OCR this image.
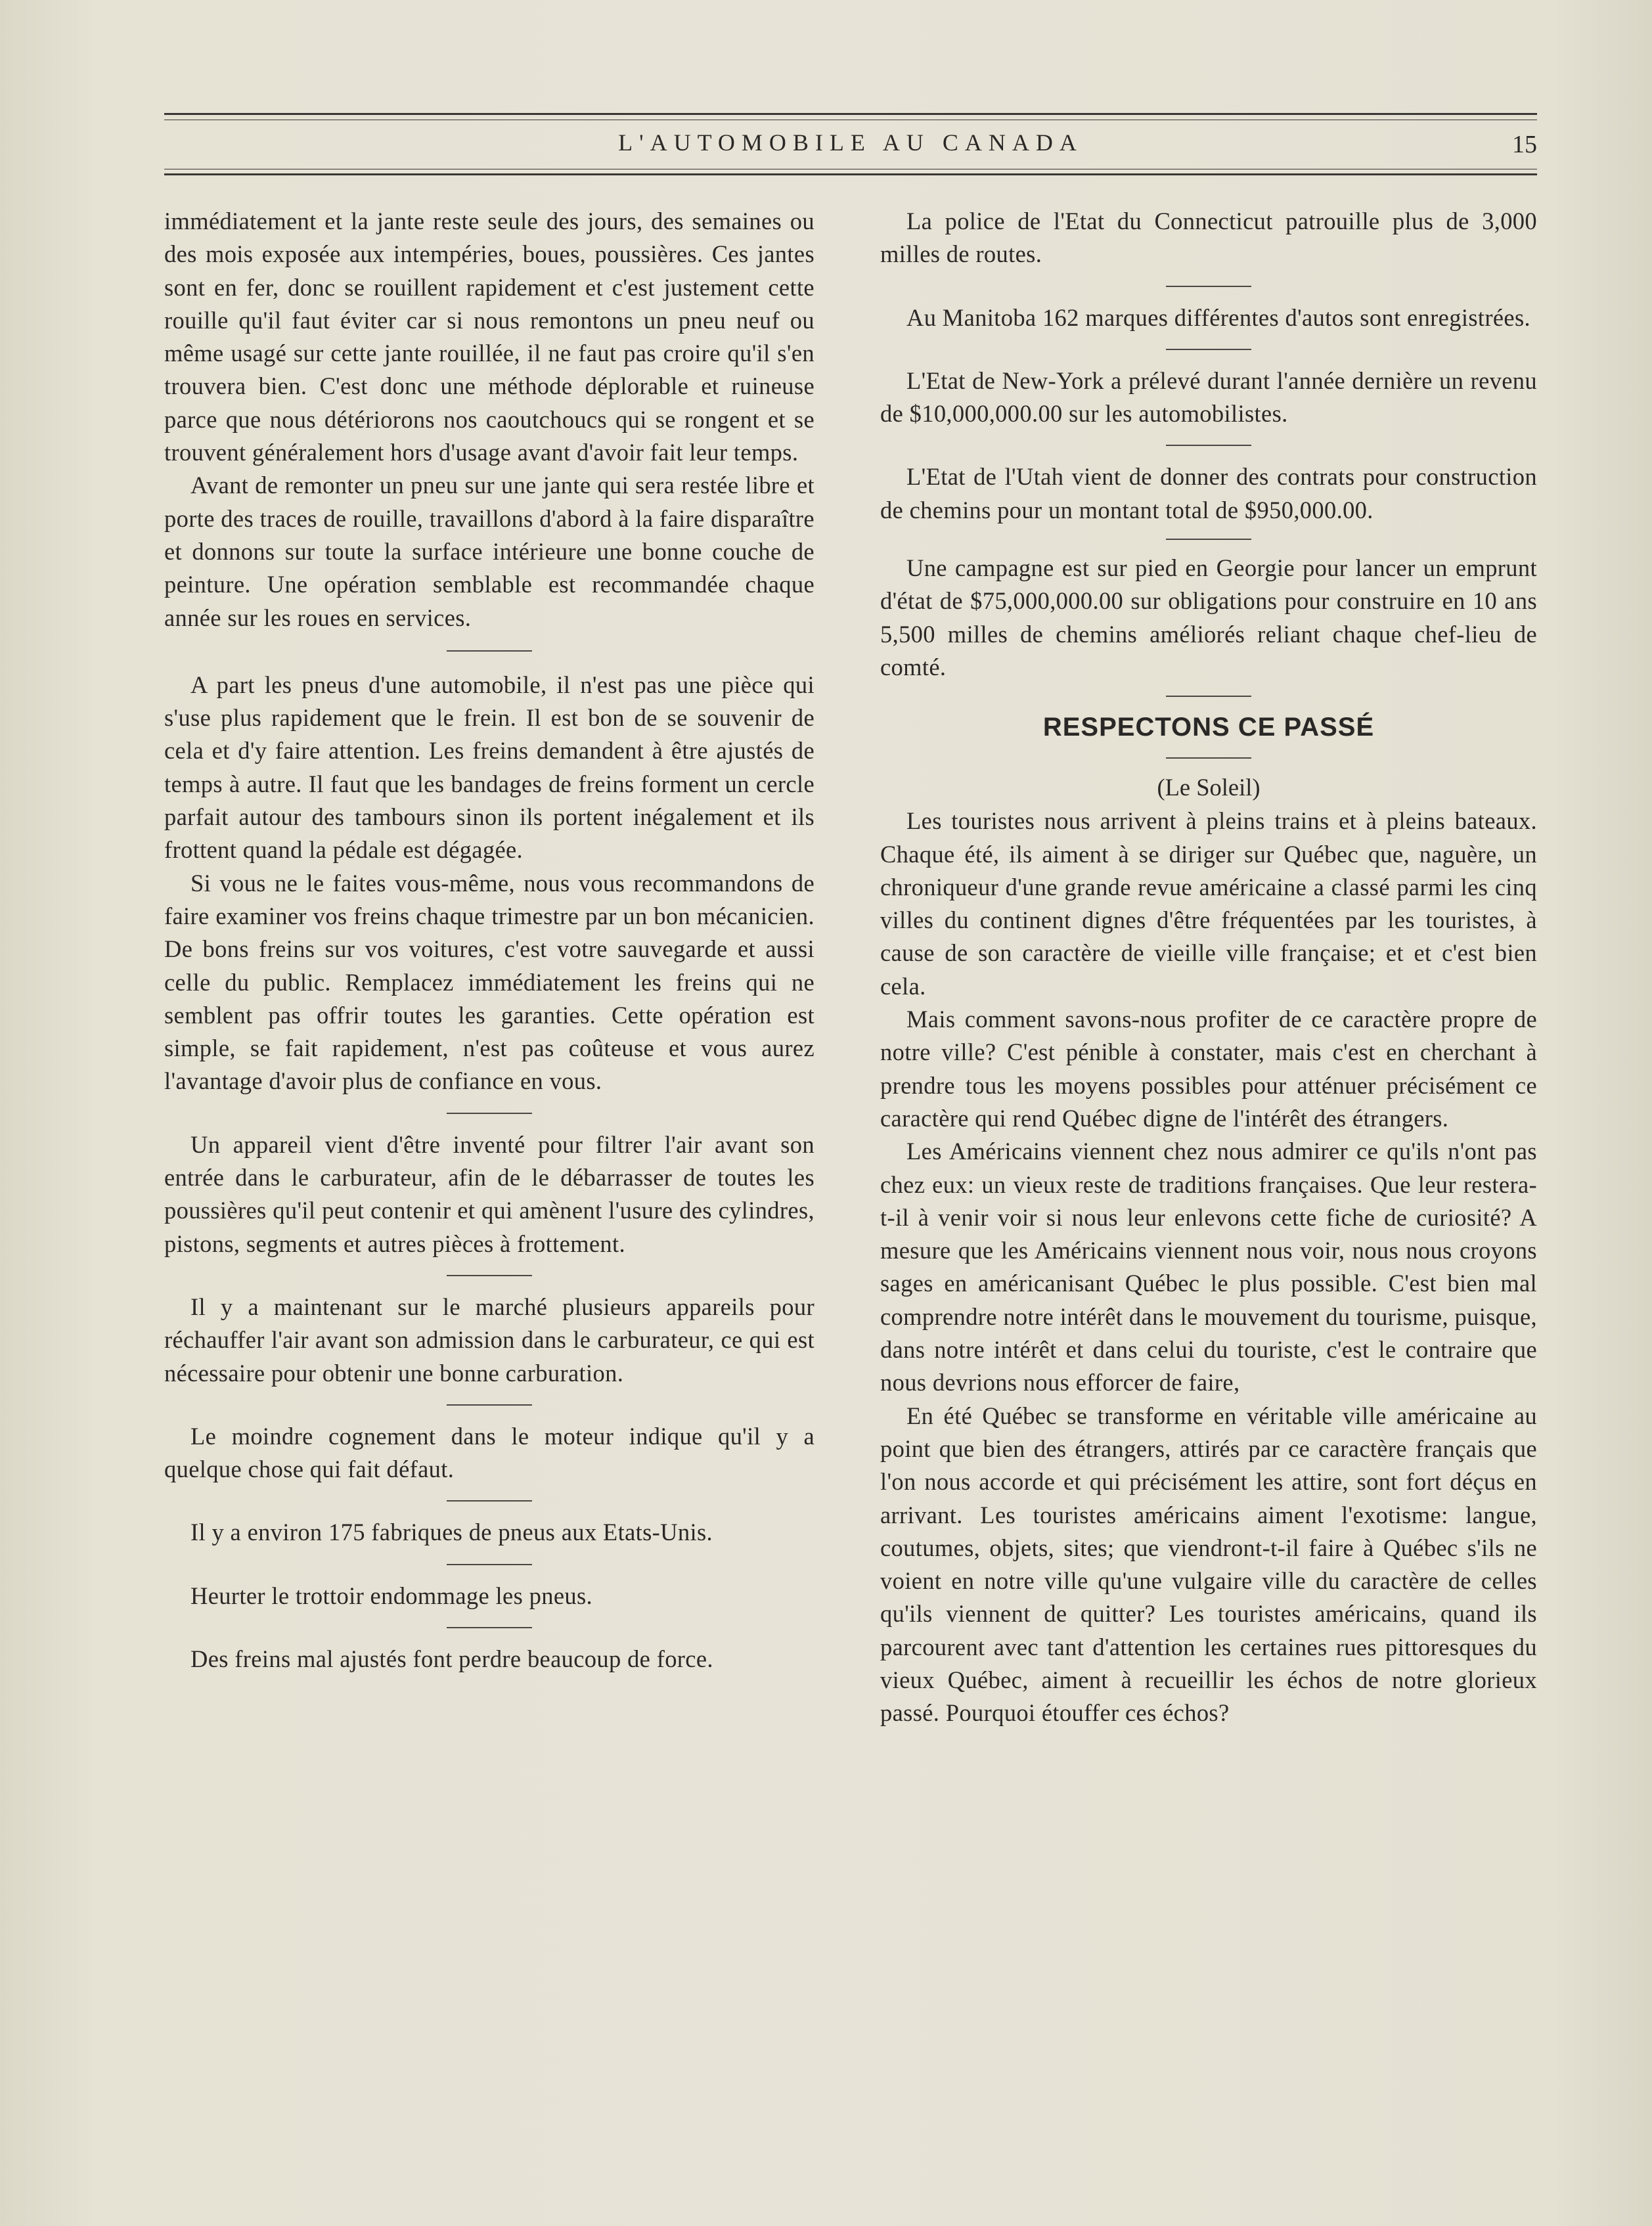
L'AUTOMOBILE AU CANADA	15

immédiatement et la jante reste seule des jours, des semaines ou des mois exposée aux intempéries, boues, poussières. Ces jantes sont en fer, donc se rouillent rapidement et c'est justement cette rouille qu'il faut éviter car si nous remontons un pneu neuf ou même usagé sur cette jante rouillée, il ne faut pas croire qu'il s'en trouvera bien. C'est donc une méthode déplorable et ruineuse parce que nous détériorons nos caoutchoucs qui se rongent et se trouvent généralement hors d'usage avant d'avoir fait leur temps.

Avant de remonter un pneu sur une jante qui sera restée libre et porte des traces de rouille, travaillons d'abord à la faire disparaître et donnons sur toute la surface intérieure une bonne couche de peinture. Une opération semblable est recommandée chaque année sur les roues en services.

A part les pneus d'une automobile, il n'est pas une pièce qui s'use plus rapidement que le frein. Il est bon de se souvenir de cela et d'y faire attention. Les freins demandent à être ajustés de temps à autre. Il faut que les bandages de freins forment un cercle parfait autour des tambours sinon ils portent inégalement et ils frottent quand la pédale est dégagée.

Si vous ne le faites vous-même, nous vous recommandons de faire examiner vos freins chaque trimestre par un bon mécanicien. De bons freins sur vos voitures, c'est votre sauvegarde et aussi celle du public. Remplacez immédiatement les freins qui ne semblent pas offrir toutes les garanties. Cette opération est simple, se fait rapidement, n'est pas coûteuse et vous aurez l'avantage d'avoir plus de confiance en vous.

Un appareil vient d'être inventé pour filtrer l'air avant son entrée dans le carburateur, afin de le débarrasser de toutes les poussières qu'il peut contenir et qui amènent l'usure des cylindres, pistons, segments et autres pièces à frottement.

Il y a maintenant sur le marché plusieurs appareils pour réchauffer l'air avant son admission dans le carburateur, ce qui est nécessaire pour obtenir une bonne carburation.

Le moindre cognement dans le moteur indique qu'il y a quelque chose qui fait défaut.

Il y a environ 175 fabriques de pneus aux Etats-Unis.

Heurter le trottoir endommage les pneus.

Des freins mal ajustés font perdre beaucoup de force.

La police de l'Etat du Connecticut patrouille plus de 3,000 milles de routes.

Au Manitoba 162 marques différentes d'autos sont enregistrées.

L'Etat de New-York a prélevé durant l'année dernière un revenu de $10,000,000.00 sur les automobilistes.

L'Etat de l'Utah vient de donner des contrats pour construction de chemins pour un montant total de $950,000.00.

Une campagne est sur pied en Georgie pour lancer un emprunt d'état de $75,000,000.00 sur obligations pour construire en 10 ans 5,500 milles de chemins améliorés reliant chaque chef-lieu de comté.

RESPECTONS CE PASSÉ
(Le Soleil)

Les touristes nous arrivent à pleins trains et à pleins bateaux. Chaque été, ils aiment à se diriger sur Québec que, naguère, un chroniqueur d'une grande revue américaine a classé parmi les cinq villes du continent dignes d'être fréquentées par les touristes, à cause de son caractère de vieille ville française; et et c'est bien cela.

Mais comment savons-nous profiter de ce caractère propre de notre ville? C'est pénible à constater, mais c'est en cherchant à prendre tous les moyens possibles pour atténuer précisément ce caractère qui rend Québec digne de l'intérêt des étrangers.

Les Américains viennent chez nous admirer ce qu'ils n'ont pas chez eux: un vieux reste de traditions françaises. Que leur restera-t-il à venir voir si nous leur enlevons cette fiche de curiosité? A mesure que les Américains viennent nous voir, nous nous croyons sages en américanisant Québec le plus possible. C'est bien mal comprendre notre intérêt dans le mouvement du tourisme, puisque, dans notre intérêt et dans celui du touriste, c'est le contraire que nous devrions nous efforcer de faire,

En été Québec se transforme en véritable ville américaine au point que bien des étrangers, attirés par ce caractère français que l'on nous accorde et qui précisément les attire, sont fort déçus en arrivant. Les touristes américains aiment l'exotisme: langue, coutumes, objets, sites; que viendront-t-il faire à Québec s'ils ne voient en notre ville qu'une vulgaire ville du caractère de celles qu'ils viennent de quitter? Les touristes américains, quand ils parcourent avec tant d'attention les certaines rues pittoresques du vieux Québec, aiment à recueillir les échos de notre glorieux passé. Pourquoi étouffer ces échos?
